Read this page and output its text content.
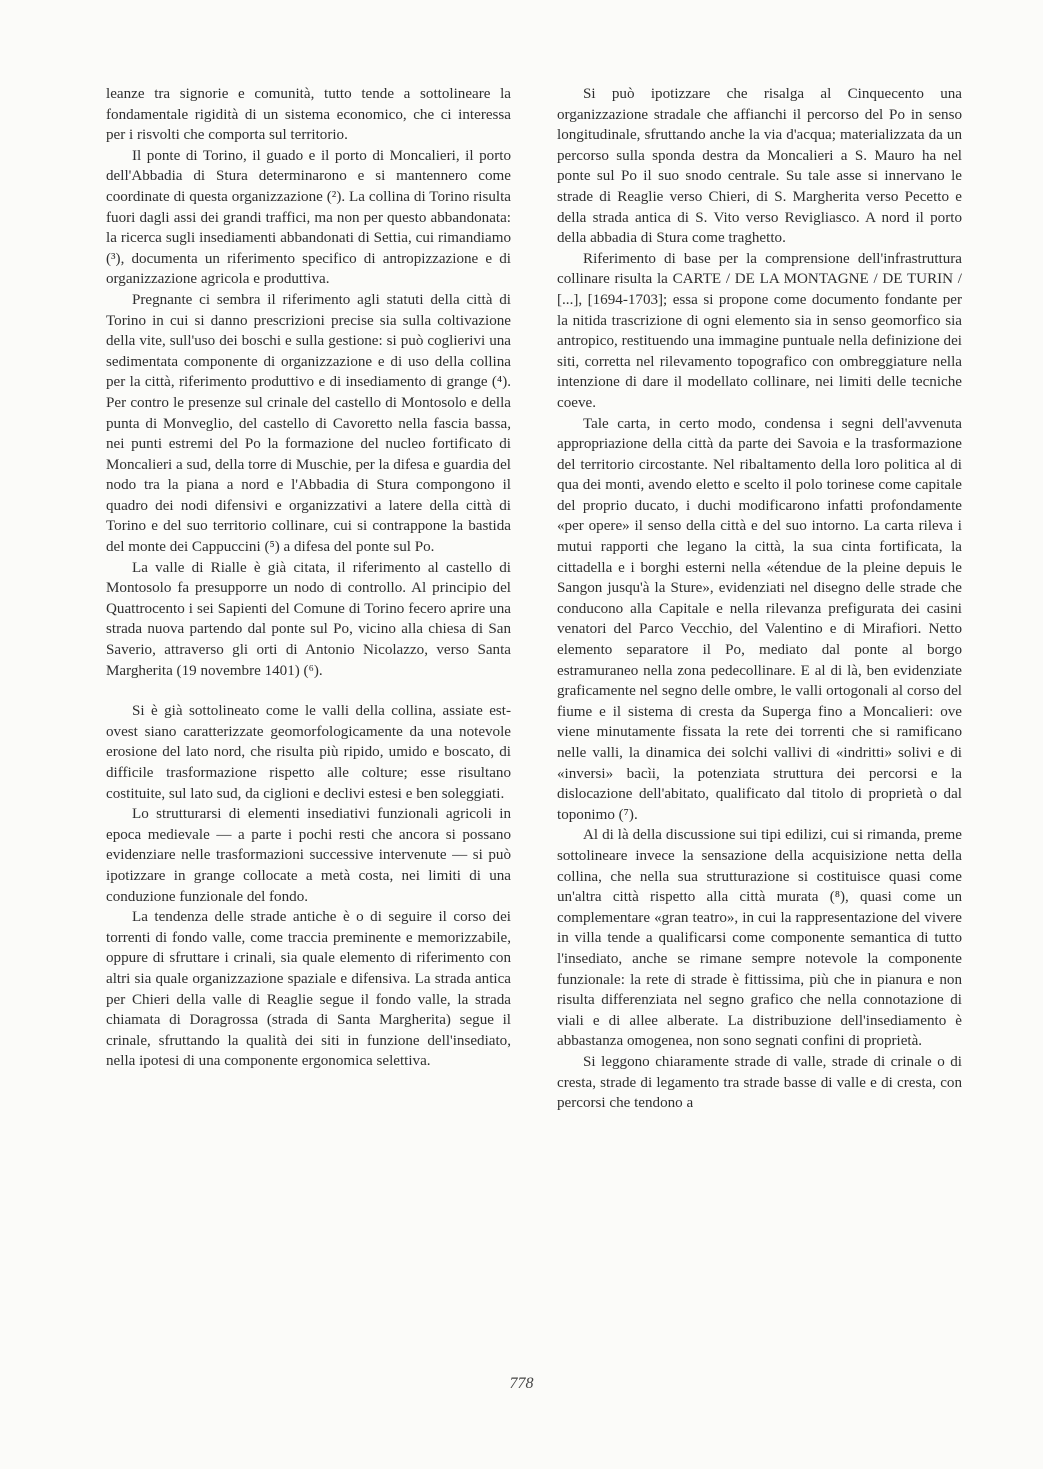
leanze tra signorie e comunità, tutto tende a sottolineare la fondamentale rigidità di un sistema economico, che ci interessa per i risvolti che comporta sul territorio.

Il ponte di Torino, il guado e il porto di Moncalieri, il porto dell'Abbadia di Stura determinarono e si mantennero come coordinate di questa organizzazione (²). La collina di Torino risulta fuori dagli assi dei grandi traffici, ma non per questo abbandonata: la ricerca sugli insediamenti abbandonati di Settia, cui rimandiamo (³), documenta un riferimento specifico di antropizzazione e di organizzazione agricola e produttiva.

Pregnante ci sembra il riferimento agli statuti della città di Torino in cui si danno prescrizioni precise sia sulla coltivazione della vite, sull'uso dei boschi e sulla gestione: si può coglierivi una sedimentata componente di organizzazione e di uso della collina per la città, riferimento produttivo e di insediamento di grange (⁴). Per contro le presenze sul crinale del castello di Montosolo e della punta di Monveglio, del castello di Cavoretto nella fascia bassa, nei punti estremi del Po la formazione del nucleo fortificato di Moncalieri a sud, della torre di Muschie, per la difesa e guardia del nodo tra la piana a nord e l'Abbadia di Stura compongono il quadro dei nodi difensivi e organizzativi a latere della città di Torino e del suo territorio collinare, cui si contrappone la bastida del monte dei Cappuccini (⁵) a difesa del ponte sul Po.

La valle di Rialle è già citata, il riferimento al castello di Montosolo fa presupporre un nodo di controllo. Al principio del Quattrocento i sei Sapienti del Comune di Torino fecero aprire una strada nuova partendo dal ponte sul Po, vicino alla chiesa di San Saverio, attraverso gli orti di Antonio Nicolazzo, verso Santa Margherita (19 novembre 1401) (⁶).

Si è già sottolineato come le valli della collina, assiate est-ovest siano caratterizzate geomorfologicamente da una notevole erosione del lato nord, che risulta più ripido, umido e boscato, di difficile trasformazione rispetto alle colture; esse risultano costituite, sul lato sud, da ciglioni e declivi estesi e ben soleggiati.

Lo strutturarsi di elementi insediativi funzionali agricoli in epoca medievale — a parte i pochi resti che ancora si possano evidenziare nelle trasformazioni successive intervenute — si può ipotizzare in grange collocate a metà costa, nei limiti di una conduzione funzionale del fondo.

La tendenza delle strade antiche è o di seguire il corso dei torrenti di fondo valle, come traccia preminente e memorizzabile, oppure di sfruttare i crinali, sia quale elemento di riferimento con altri sia quale organizzazione spaziale e difensiva. La strada antica per Chieri della valle di Reaglie segue il fondo valle, la strada chiamata di Doragrossa (strada di Santa Margherita) segue il crinale, sfruttando la qualità dei siti in funzione dell'insediato, nella ipotesi di una componente ergonomica selettiva.

Si può ipotizzare che risalga al Cinquecento una organizzazione stradale che affianchi il percorso del Po in senso longitudinale, sfruttando anche la via d'acqua; materializzata da un percorso sulla sponda destra da Moncalieri a S. Mauro ha nel ponte sul Po il suo snodo centrale. Su tale asse si innervano le strade di Reaglie verso Chieri, di S. Margherita verso Pecetto e della strada antica di S. Vito verso Revigliasco. A nord il porto della abbadia di Stura come traghetto.

Riferimento di base per la comprensione dell'infrastruttura collinare risulta la CARTE / DE LA MONTAGNE / DE TURIN / [...], [1694-1703]; essa si propone come documento fondante per la nitida trascrizione di ogni elemento sia in senso geomorfico sia antropico, restituendo una immagine puntuale nella definizione dei siti, corretta nel rilevamento topografico con ombreggiature nella intenzione di dare il modellato collinare, nei limiti delle tecniche coeve.

Tale carta, in certo modo, condensa i segni dell'avvenuta appropriazione della città da parte dei Savoia e la trasformazione del territorio circostante. Nel ribaltamento della loro politica al di qua dei monti, avendo eletto e scelto il polo torinese come capitale del proprio ducato, i duchi modificarono infatti profondamente «per opere» il senso della città e del suo intorno. La carta rileva i mutui rapporti che legano la città, la sua cinta fortificata, la cittadella e i borghi esterni nella «étendue de la pleine depuis le Sangon jusqu'à la Sture», evidenziati nel disegno delle strade che conducono alla Capitale e nella rilevanza prefigurata dei casini venatori del Parco Vecchio, del Valentino e di Mirafiori. Netto elemento separatore il Po, mediato dal ponte al borgo estramuraneo nella zona pedecollinare. E al di là, ben evidenziate graficamente nel segno delle ombre, le valli ortogonali al corso del fiume e il sistema di cresta da Superga fino a Moncalieri: ove viene minutamente fissata la rete dei torrenti che si ramificano nelle valli, la dinamica dei solchi vallivi di «indritti» solivi e di «inversi» bacìi, la potenziata struttura dei percorsi e la dislocazione dell'abitato, qualificato dal titolo di proprietà o dal toponimo (⁷).

Al di là della discussione sui tipi edilizi, cui si rimanda, preme sottolineare invece la sensazione della acquisizione netta della collina, che nella sua strutturazione si costituisce quasi come un'altra città rispetto alla città murata (⁸), quasi come un complementare «gran teatro», in cui la rappresentazione del vivere in villa tende a qualificarsi come componente semantica di tutto l'insediato, anche se rimane sempre notevole la componente funzionale: la rete di strade è fittissima, più che in pianura e non risulta differenziata nel segno grafico che nella connotazione di viali e di allee alberate. La distribuzione dell'insediamento è abbastanza omogenea, non sono segnati confini di proprietà.

Si leggono chiaramente strade di valle, strade di crinale o di cresta, strade di legamento tra strade basse di valle e di cresta, con percorsi che tendono a

778
